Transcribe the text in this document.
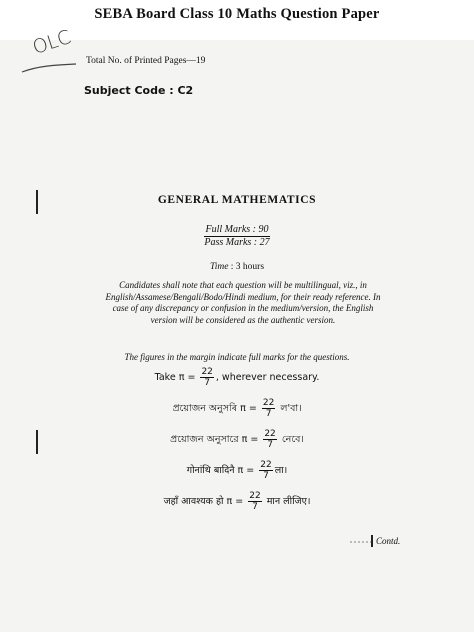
SEBA Board Class 10 Maths Question Paper
OLC
Total No. of Printed Pages—19
Subject Code : C2
GENERAL MATHEMATICS
Full Marks : 90
Pass Marks : 27
Time : 3 hours
Candidates shall note that each question will be multilingual, viz., in English/Assamese/Bengali/Bodo/Hindi medium, for their ready reference. In case of any discrepancy or confusion in the medium/version, the English version will be considered as the authentic version.
The figures in the margin indicate full marks for the questions.
Take $\pi = \frac{22}{7}$ , wherever necessary.
প্ৰয়োজন অনুসৰি $\pi = \frac{22}{7}$ ল'বা।
প্রয়োজন অনুসারে $\pi = \frac{22}{7}$ নেবে।
गोनांथि बादिनै $\pi = \frac{22}{7}$ ला।
जहाँ आवश्यक हो $\pi = \frac{22}{7}$ मान लीजिए।
Contd.
